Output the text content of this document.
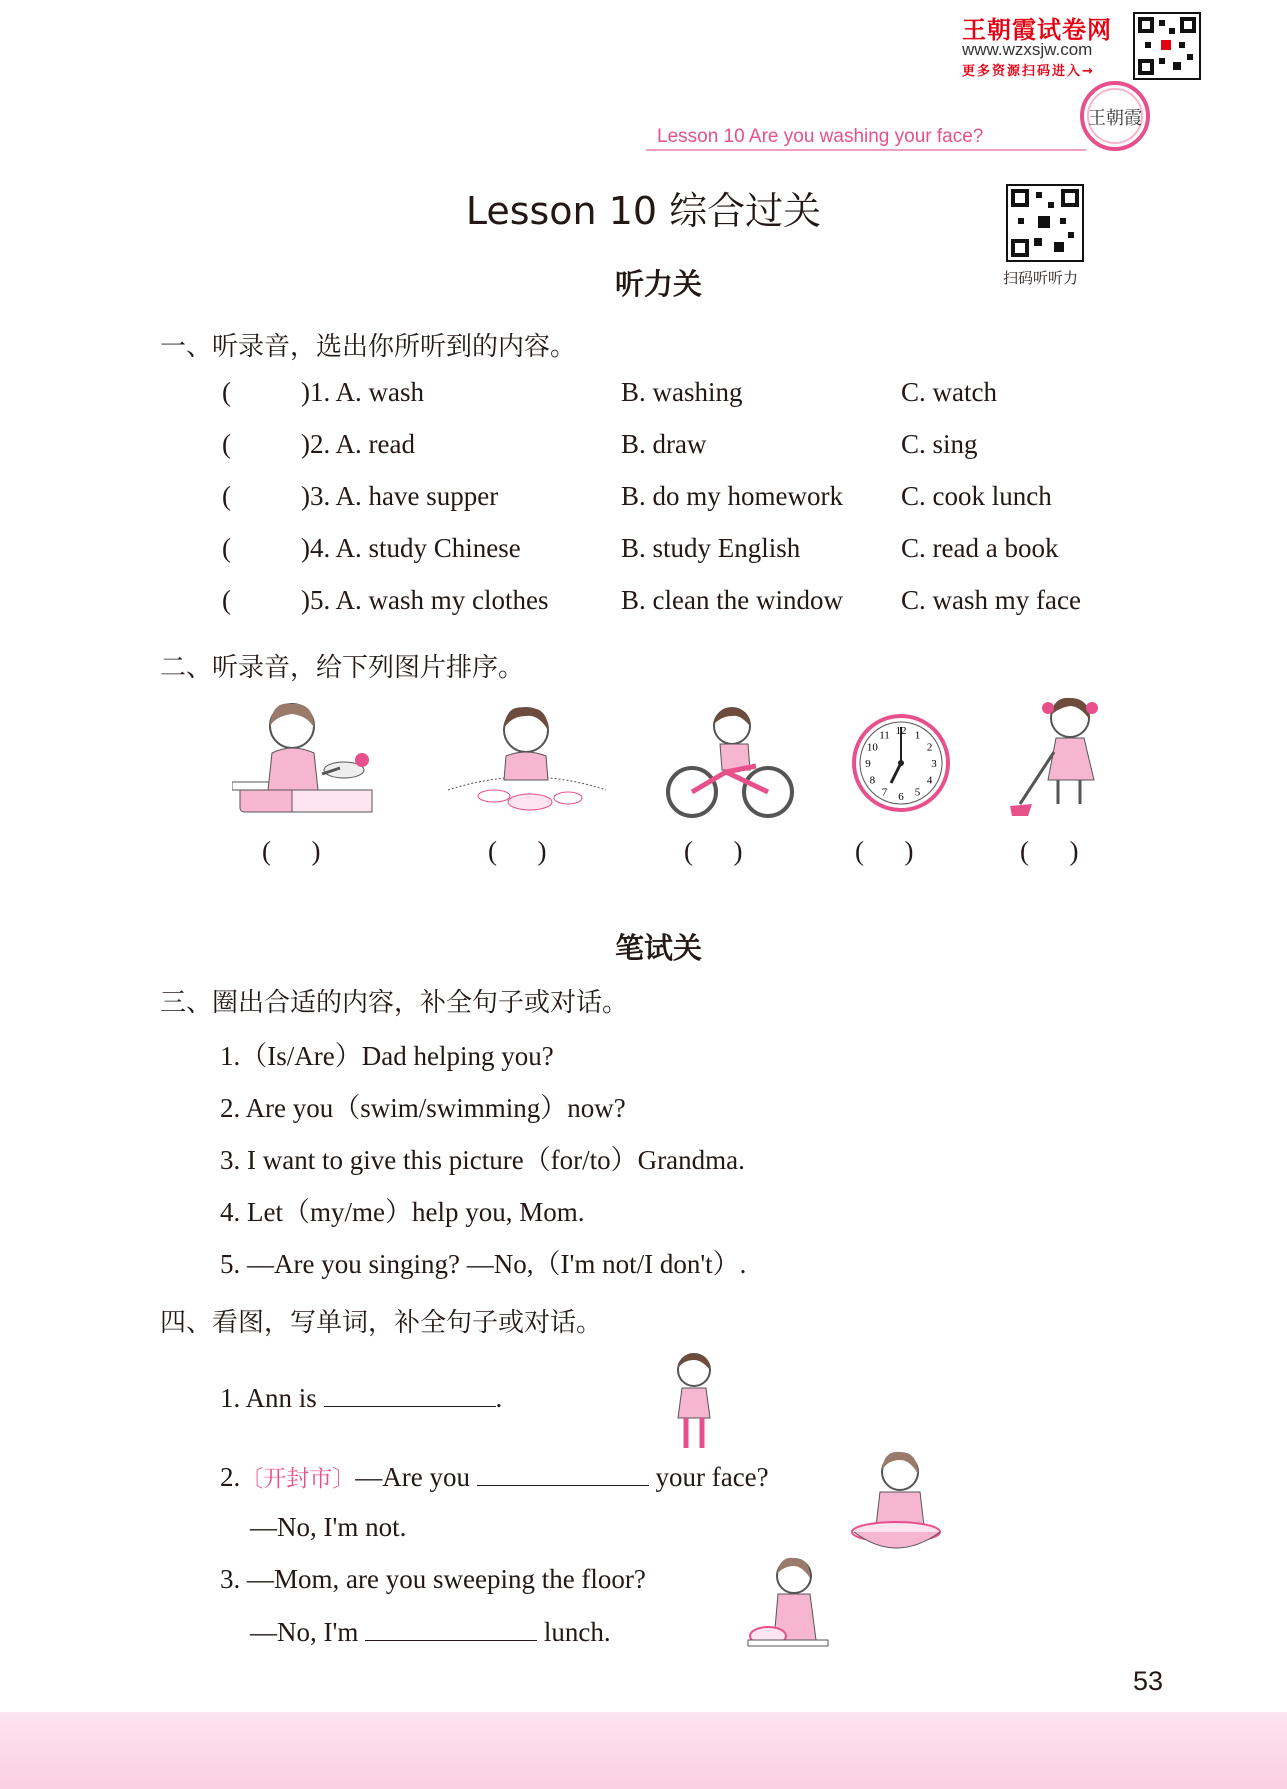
王朝霞试卷网
www.wzxsjw.com
更多资源扫码进入→
王朝霞
Lesson 10 Are you washing your face?
Lesson 10 综合过关
扫码听听力
听力关
一、听录音，选出你所听到的内容。
(	)1. A. wash	B. washing	C. watch
(	)2. A. read	B. draw	C. sing
(	)3. A. have supper	B. do my homework C. cook lunch
(	)4. A. study Chinese	B. study English	C. read a book
(	)5. A. wash my clothes	B. clean the window C. wash my face
二、听录音，给下列图片排序。
(      )	(      )	(      )
12 1
2
3
4
5
6
7
8
9
10
11
(      )	(      )
笔试关
三、圈出合适的内容，补全句子或对话。
1.（Is/Are）Dad helping you?
2. Are you（swim/swimming）now?
3. I want to give this picture（for/to）Grandma.
4. Let（my/me）help you, Mom.
5. —Are you singing? —No,（I'm not/I don't）.
四、看图，写单词，补全句子或对话。
1. Ann is	.
2.〔开封市〕—Are you	your face?
—No, I'm not.
3. —Mom, are you sweeping the floor?
—No, I'm	lunch.
53
